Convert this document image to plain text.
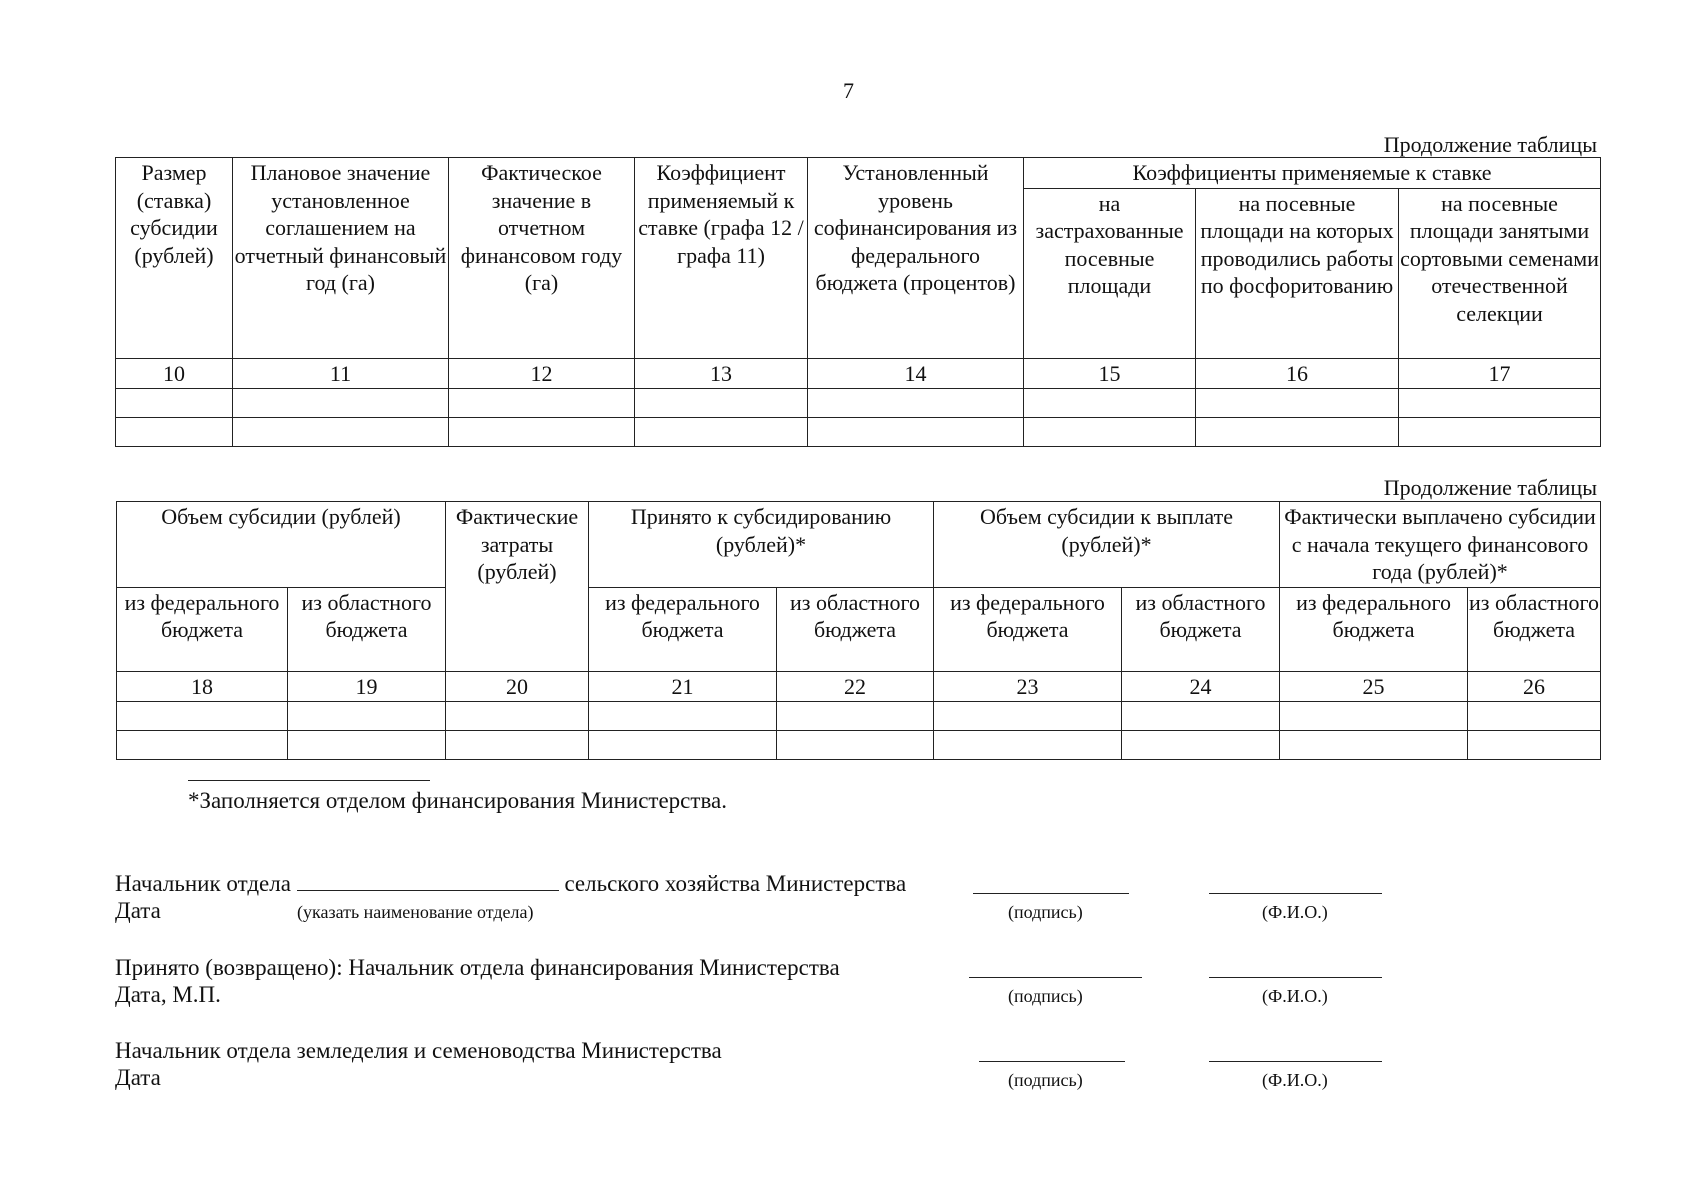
7
Продолжение таблицы
Размер (ставка) субсидии (рублей)	Плановое значение установленное соглашением на отчетный финансовый год (га)	Фактическое значение в отчетном финансовом году (га)	Коэффициент применяемый к ставке (графа 12 / графа 11)	Установленный уровень софинансирования из федерального бюджета (процентов)	Коэффициенты применяемые к ставке		
					на застрахованные посевные площади	на посевные площади на которых проводились работы по фосфоритованию	на посевные площади занятыми сортовыми семенами отечественной селекции
10	11	12	13	14	15	16	17

Продолжение таблицы
Объем субсидии (рублей)		Фактические затраты (рублей)	Принято к субсидированию (рублей)*		Объем субсидии к выплате (рублей)*		Фактически выплачено субсидии с начала текущего финансового года (рублей)*	
из федерального бюджета	из областного бюджета		из федерального бюджета	из областного бюджета	из федерального бюджета	из областного бюджета	из федерального бюджета	из областного бюджета
18	19	20	21	22	23	24	25	26

*Заполняется отделом финансирования Министерства.
Начальник отдела	сельского хозяйства Министерства
Дата	(указать наименование отдела)	(подпись)	(Ф.И.О.)
Принято (возвращено): Начальник отдела финансирования Министерства
Дата, М.П.	(подпись)	(Ф.И.О.)
Начальник отдела земледелия и семеноводства Министерства
Дата	(подпись)	(Ф.И.О.)
